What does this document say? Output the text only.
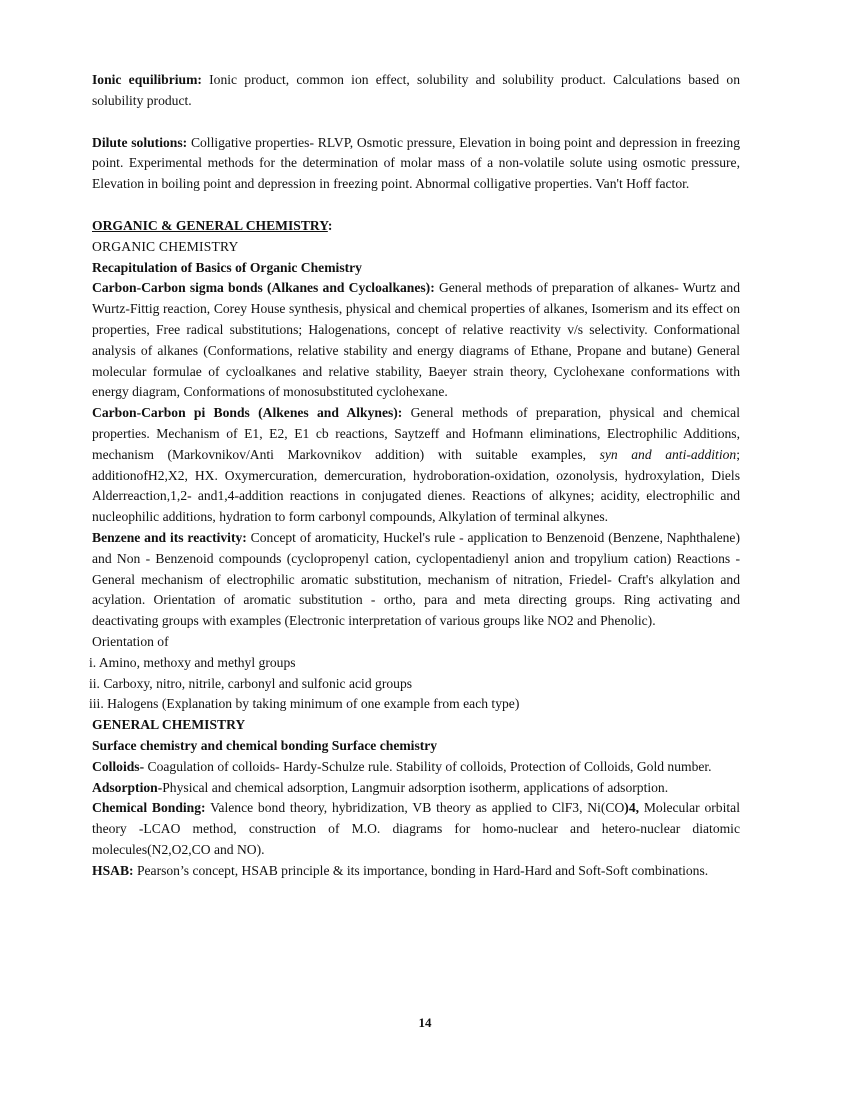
Ionic equilibrium: Ionic product, common ion effect, solubility and solubility product. Calculations based on solubility product.

Dilute solutions: Colligative properties- RLVP, Osmotic pressure, Elevation in boing point and depression in freezing point. Experimental methods for the determination of molar mass of a non-volatile solute using osmotic pressure, Elevation in boiling point and depression in freezing point. Abnormal colligative properties. Van't Hoff factor.

ORGANIC & GENERAL CHEMISTRY:

ORGANIC CHEMISTRY

Recapitulation of Basics of Organic Chemistry

Carbon-Carbon sigma bonds (Alkanes and Cycloalkanes): General methods of preparation of alkanes- Wurtz and Wurtz-Fittig reaction, Corey House synthesis, physical and chemical properties of alkanes, Isomerism and its effect on properties, Free radical substitutions; Halogenations, concept of relative reactivity v/s selectivity. Conformational analysis of alkanes (Conformations, relative stability and energy diagrams of Ethane, Propane and butane) General molecular formulae of cycloalkanes and relative stability, Baeyer strain theory, Cyclohexane conformations with energy diagram, Conformations of monosubstituted cyclohexane.

Carbon-Carbon pi Bonds (Alkenes and Alkynes): General methods of preparation, physical and chemical properties. Mechanism of E1, E2, E1 cb reactions, Saytzeff and Hofmann eliminations, Electrophilic Additions, mechanism (Markovnikov/Anti Markovnikov addition) with suitable examples, syn and anti-addition; additionofH2,X2, HX. Oxymercuration, demercuration, hydroboration-oxidation, ozonolysis, hydroxylation, Diels Alderreaction,1,2- and1,4-addition reactions in conjugated dienes. Reactions of alkynes; acidity, electrophilic and nucleophilic additions, hydration to form carbonyl compounds, Alkylation of terminal alkynes.

Benzene and its reactivity: Concept of aromaticity, Huckel's rule - application to Benzenoid (Benzene, Naphthalene) and Non - Benzenoid compounds (cyclopropenyl cation, cyclopentadienyl anion and tropylium cation) Reactions - General mechanism of electrophilic aromatic substitution, mechanism of nitration, Friedel- Craft's alkylation and acylation. Orientation of aromatic substitution - ortho, para and meta directing groups. Ring activating and deactivating groups with examples (Electronic interpretation of various groups like NO2 and Phenolic).

Orientation of

i. Amino, methoxy and methyl groups

ii. Carboxy, nitro, nitrile, carbonyl and sulfonic acid groups

iii. Halogens (Explanation by taking minimum of one example from each type)

GENERAL CHEMISTRY

Surface chemistry and chemical bonding Surface chemistry

Colloids- Coagulation of colloids- Hardy-Schulze rule. Stability of colloids, Protection of Colloids, Gold number.

Adsorption-Physical and chemical adsorption, Langmuir adsorption isotherm, applications of adsorption.

Chemical Bonding: Valence bond theory, hybridization, VB theory as applied to ClF3, Ni(CO)4, Molecular orbital theory -LCAO method, construction of M.O. diagrams for homo-nuclear and hetero-nuclear diatomic molecules(N2,O2,CO and NO).

HSAB: Pearson’s concept, HSAB principle & its importance, bonding in Hard-Hard and Soft-Soft combinations.

14
